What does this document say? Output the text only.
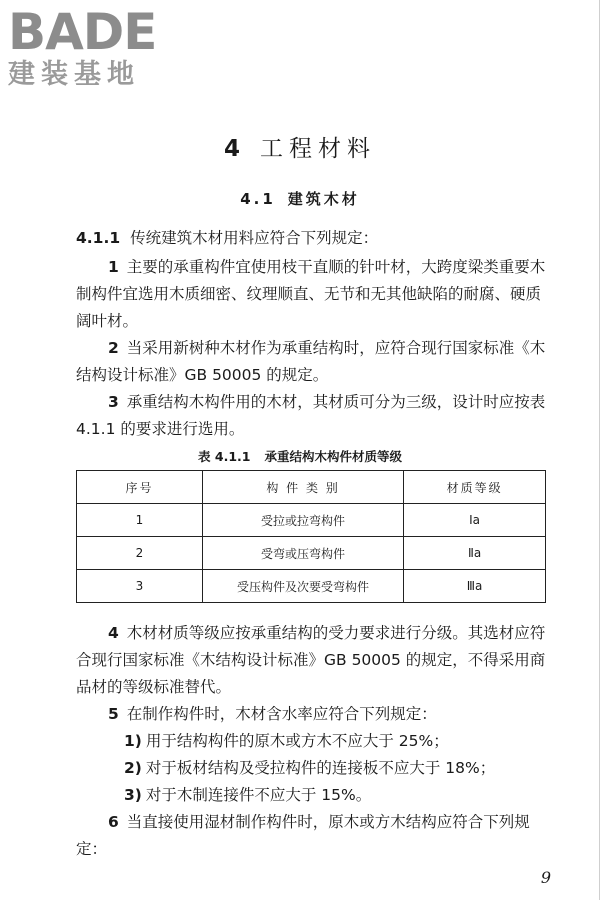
BADE
建装基地
4 工程材料
4.1 建筑木材
4.1.1 传统建筑木材用料应符合下列规定：

1 主要的承重构件宜使用枝干直顺的针叶材，大跨度梁类重要木制构件宜选用木质细密、纹理顺直、无节和无其他缺陷的耐腐、硬质阔叶材。

2 当采用新树种木材作为承重结构时，应符合现行国家标准《木结构设计标准》GB 50005 的规定。

3 承重结构木构件用的木材，其材质可分为三级，设计时应按表 4.1.1 的要求进行选用。

表 4.1.1 承重结构木构件材质等级
序号	构 件 类 别	材质等级
1	受拉或拉弯构件	Ⅰa
2	受弯或压弯构件	Ⅱa
3	受压构件及次要受弯构件	Ⅲa

4 木材材质等级应按承重结构的受力要求进行分级。其选材应符合现行国家标准《木结构设计标准》GB 50005 的规定，不得采用商品材的等级标准替代。

5 在制作构件时，木材含水率应符合下列规定：

1) 用于结构构件的原木或方木不应大于 25%；

2) 对于板材结构及受拉构件的连接板不应大于 18%；

3) 对于木制连接件不应大于 15%。

6 当直接使用湿材制作构件时，原木或方木结构应符合下列规定：

9
